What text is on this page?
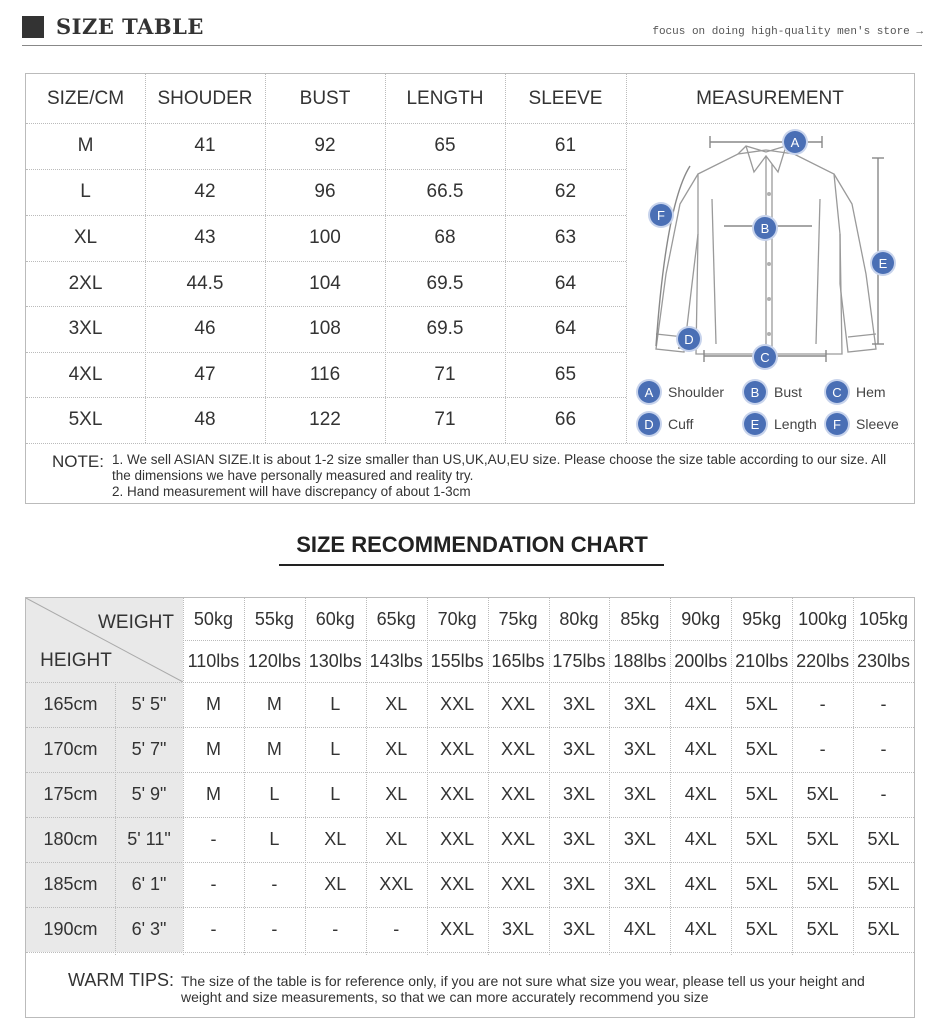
SIZE TABLE	focus on doing high-quality men's store →
A
B
C
D
E
F
A	Shoulder	B	Bust	C	Hem
D	Cuff	E	Length	F	Sleeve
NOTE: 1. We sell ASIAN SIZE.It is about 1-2 size smaller than US,UK,AU,EU size. Please choose the size table according to our size. All the dimensions we have personally measured and reality try.
2. Hand measurement will have discrepancy of about 1-3cm
SIZE/CM	SHOUDER	BUST	LENGTH	SLEEVE	MEASUREMENT
M	41	92	65	61
L	42	96	66.5	62
XL	43	100	68	63
2XL	44.5	104	69.5	64
3XL	46	108	69.5	64
4XL	47	116	71	65
5XL	48	122	71	66
SIZE RECOMMENDATION CHART
WEIGHT
HEIGHT
WARM TIPS: The size of the table is for reference only, if you are not sure what size you wear, please tell us your height and weight and size measurements, so that we can more accurately recommend you size
50kg	55kg	60kg	65kg	70kg	75kg	80kg	85kg	90kg	95kg 100kg 105kg
110lbs 120lbs 130lbs 143lbs 155lbs 165lbs 175lbs 188lbs 200lbs 210lbs 220lbs 230lbs
165cm	5' 5"	M	M	L	XL	XXL	XXL	3XL	3XL	4XL	5XL	-	-
170cm	5' 7"	M	M	L	XL	XXL	XXL	3XL	3XL	4XL	5XL	-	-
175cm	5' 9"	M	L	L	XL	XXL	XXL	3XL	3XL	4XL	5XL	5XL	-
180cm	5' 11"	-	L	XL	XL	XXL	XXL	3XL	3XL	4XL	5XL	5XL	5XL
185cm	6' 1"	-	-	XL	XXL	XXL	XXL	3XL	3XL	4XL	5XL	5XL	5XL
190cm	6' 3"	-	-	-	-	XXL	3XL	3XL	4XL	4XL	5XL	5XL	5XL
